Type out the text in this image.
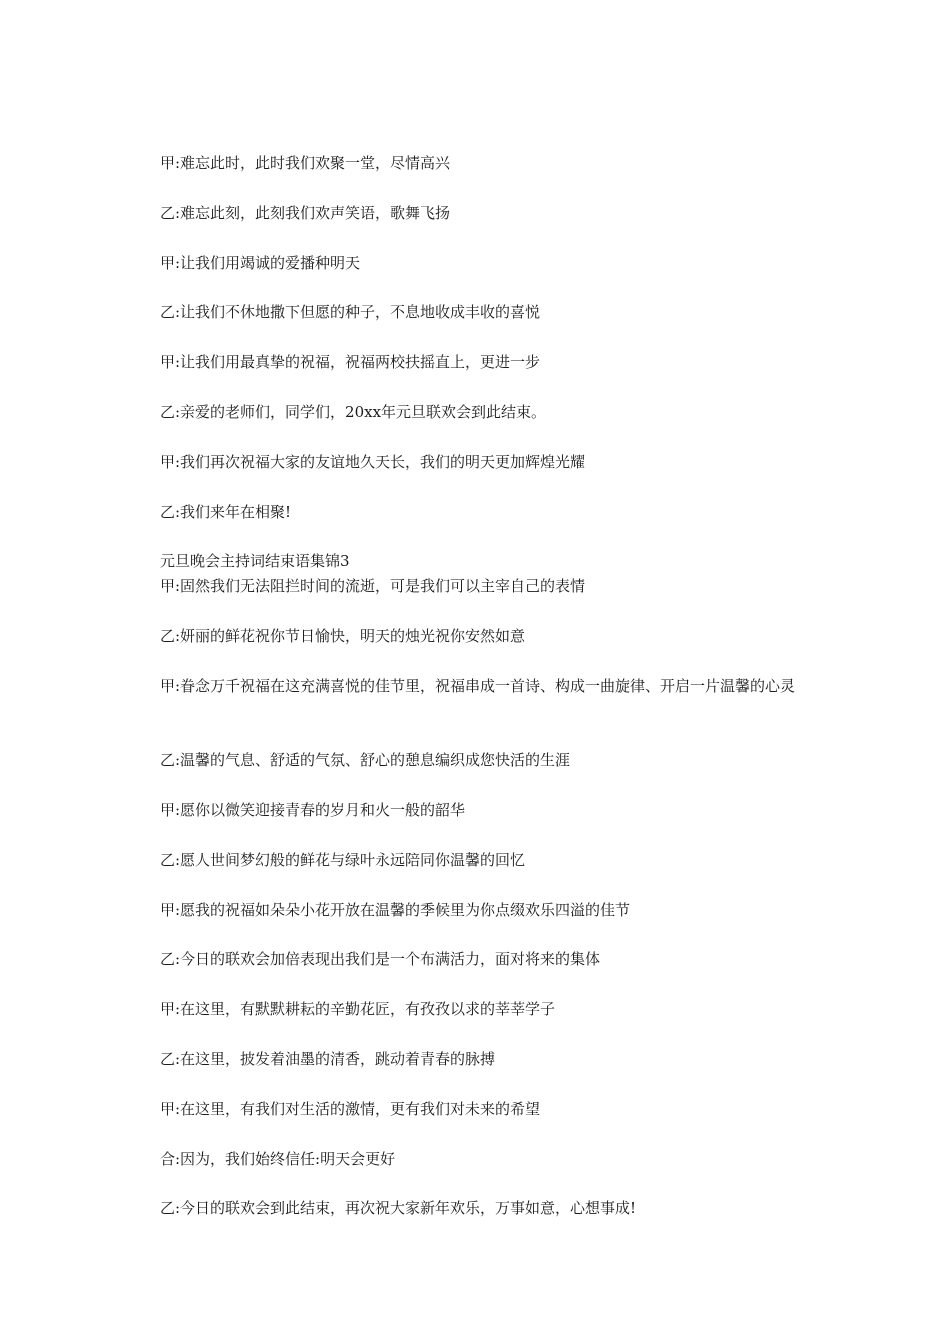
甲:难忘此时，此时我们欢聚一堂，尽情高兴
乙:难忘此刻，此刻我们欢声笑语，歌舞飞扬
甲:让我们用竭诚的爱播种明天
乙:让我们不休地撒下但愿的种子，不息地收成丰收的喜悦
甲:让我们用最真挚的祝福，祝福两校扶摇直上，更进一步
乙:亲爱的老师们，同学们，20xx年元旦联欢会到此结束。
甲:我们再次祝福大家的友谊地久天长，我们的明天更加辉煌光耀
乙:我们来年在相聚!
元旦晚会主持词结束语集锦3
甲:固然我们无法阻拦时间的流逝，可是我们可以主宰自己的表情
乙:妍丽的鲜花祝你节日愉快，明天的烛光祝你安然如意
甲:眷念万千祝福在这充满喜悦的佳节里，祝福串成一首诗、构成一曲旋律、开启一片温馨的心灵
乙:温馨的气息、舒适的气氛、舒心的憩息编织成您快活的生涯
甲:愿你以微笑迎接青春的岁月和火一般的韶华
乙:愿人世间梦幻般的鲜花与绿叶永远陪同你温馨的回忆
甲:愿我的祝福如朵朵小花开放在温馨的季候里为你点缀欢乐四溢的佳节
乙:今日的联欢会加倍表现出我们是一个布满活力，面对将来的集体
甲:在这里，有默默耕耘的辛勤花匠，有孜孜以求的莘莘学子
乙:在这里，披发着油墨的清香，跳动着青春的脉搏
甲:在这里，有我们对生活的激情，更有我们对未来的希望
合:因为，我们始终信任:明天会更好
乙:今日的联欢会到此结束，再次祝大家新年欢乐，万事如意，心想事成!
